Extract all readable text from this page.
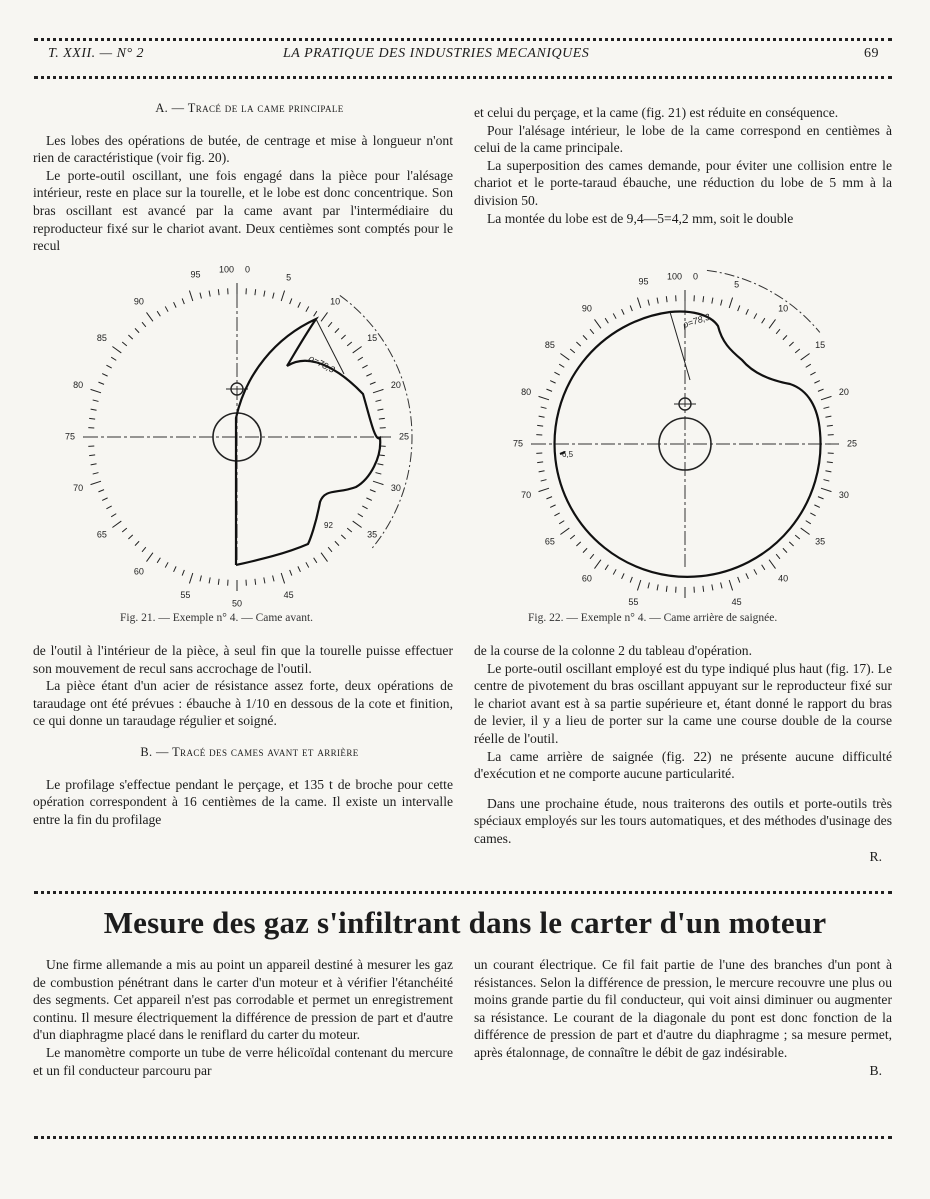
T. XXII. — N° 2	LA PRATIQUE DES INDUSTRIES MECANIQUES	69

A. — Tracé de la came principale

Les lobes des opérations de butée, de centrage et mise à longueur n'ont rien de caractéristique (voir fig. 20).

Le porte-outil oscillant, une fois engagé dans la pièce pour l'alésage intérieur, reste en place sur la tourelle, et le lobe est donc concentrique. Son bras oscillant est avancé par la came avant par l'intermédiaire du reproducteur fixé sur le chariot avant. Deux centièmes sont comptés pour le recul

et celui du perçage, et la came (fig. 21) est réduite en conséquence.

Pour l'alésage intérieur, le lobe de la came correspond en centièmes à celui de la came principale.

La superposition des cames demande, pour éviter une collision entre le chariot et le porte-taraud ébauche, une réduction du lobe de 5 mm à la division 50.

La montée du lobe est de 9,4—5=4,2 mm, soit le double

95 100 0
5
10
15
20
25
30
35
45
50
55
60
65
70
75
80
85
90
ρ=78,3
92
Fig. 21. — Exemple n° 4. — Came avant.
95 100 0
5
10
15
20
25
30
35
40
45
55
60
65
70
75
80
85
90
ρ=78,3
6,5
Fig. 22. — Exemple n° 4. — Came arrière de saignée.

de l'outil à l'intérieur de la pièce, à seul fin que la tourelle puisse effectuer son mouvement de recul sans accrochage de l'outil.

La pièce étant d'un acier de résistance assez forte, deux opérations de taraudage ont été prévues : ébauche à 1/10 en dessous de la cote et finition, ce qui donne un taraudage régulier et soigné.

B. — Tracé des cames avant et arrière

Le profilage s'effectue pendant le perçage, et 135 t de broche pour cette opération correspondent à 16 centièmes de la came. Il existe un intervalle entre la fin du profilage

de la course de la colonne 2 du tableau d'opération.

Le porte-outil oscillant employé est du type indiqué plus haut (fig. 17). Le centre de pivotement du bras oscillant appuyant sur le reproducteur fixé sur le chariot avant est à sa partie supérieure et, étant donné le rapport du bras de levier, il y a lieu de porter sur la came une course double de la course réelle de l'outil.

La came arrière de saignée (fig. 22) ne présente aucune difficulté d'exécution et ne comporte aucune particularité.

Dans une prochaine étude, nous traiterons des outils et porte-outils très spéciaux employés sur les tours automatiques, et des méthodes d'usinage des cames.

R.
Mesure des gaz s'infiltrant dans le carter d'un moteur

Une firme allemande a mis au point un appareil destiné à mesurer les gaz de combustion pénétrant dans le carter d'un moteur et à vérifier l'étanchéité des segments. Cet appareil n'est pas corrodable et permet un enregistrement continu. Il mesure électriquement la différence de pression de part et d'autre d'un diaphragme placé dans le reniflard du carter du moteur.

Le manomètre comporte un tube de verre hélicoïdal contenant du mercure et un fil conducteur parcouru par

un courant électrique. Ce fil fait partie de l'une des branches d'un pont à résistances. Selon la différence de pression, le mercure recouvre une plus ou moins grande partie du fil conducteur, qui voit ainsi diminuer ou augmenter sa résistance. Le courant de la diagonale du pont est donc fonction de la différence de pression de part et d'autre du diaphragme ; sa mesure permet, après étalonnage, de connaître le débit de gaz indésirable.

B.
